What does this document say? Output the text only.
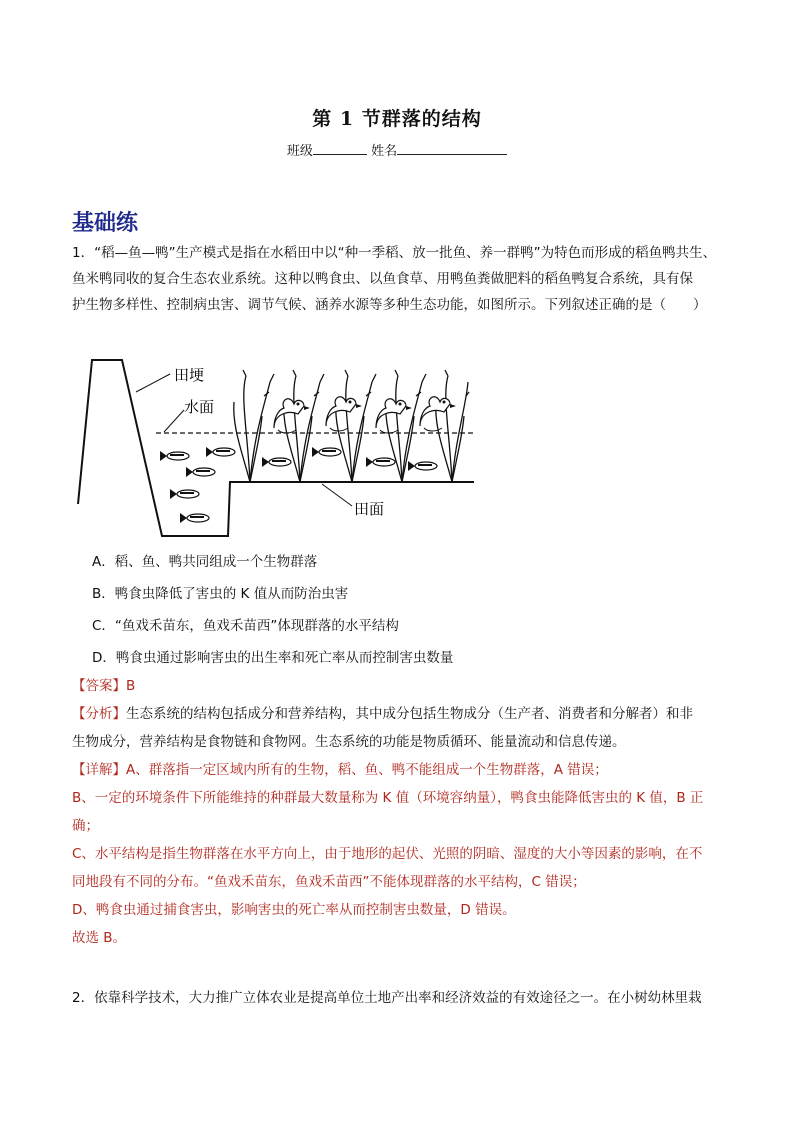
第 1 节群落的结构
班级	姓名
基础练

1．“稻—鱼—鸭”生产模式是指在水稻田中以“种一季稻、放一批鱼、养一群鸭”为特色而形成的稻鱼鸭共生、

鱼米鸭同收的复合生态农业系统。这种以鸭食虫、以鱼食草、用鸭鱼粪做肥料的稻鱼鸭复合系统，具有保

护生物多样性、控制病虫害、调节气候、涵养水源等多种生态功能，如图所示。下列叙述正确的是（　　）

田埂
水面
田面
A．稻、鱼、鸭共同组成一个生物群落
B．鸭食虫降低了害虫的 K 值从而防治虫害
C．“鱼戏禾苗东，鱼戏禾苗西”体现群落的水平结构
D．鸭食虫通过影响害虫的出生率和死亡率从而控制害虫数量

【答案】B

【分析】生态系统的结构包括成分和营养结构，其中成分包括生物成分（生产者、消费者和分解者）和非

生物成分，营养结构是食物链和食物网。生态系统的功能是物质循环、能量流动和信息传递。

【详解】A、群落指一定区域内所有的生物，稻、鱼、鸭不能组成一个生物群落，A 错误；

B、一定的环境条件下所能维持的种群最大数量称为 K 值（环境容纳量），鸭食虫能降低害虫的 K 值，B 正

确；

C、水平结构是指生物群落在水平方向上，由于地形的起伏、光照的阴暗、湿度的大小等因素的影响，在不

同地段有不同的分布。“鱼戏禾苗东，鱼戏禾苗西”不能体现群落的水平结构，C 错误；

D、鸭食虫通过捕食害虫，影响害虫的死亡率从而控制害虫数量，D 错误。

故选 B。

2．依靠科学技术，大力推广立体农业是提高单位土地产出率和经济效益的有效途径之一。在小树幼林里栽
